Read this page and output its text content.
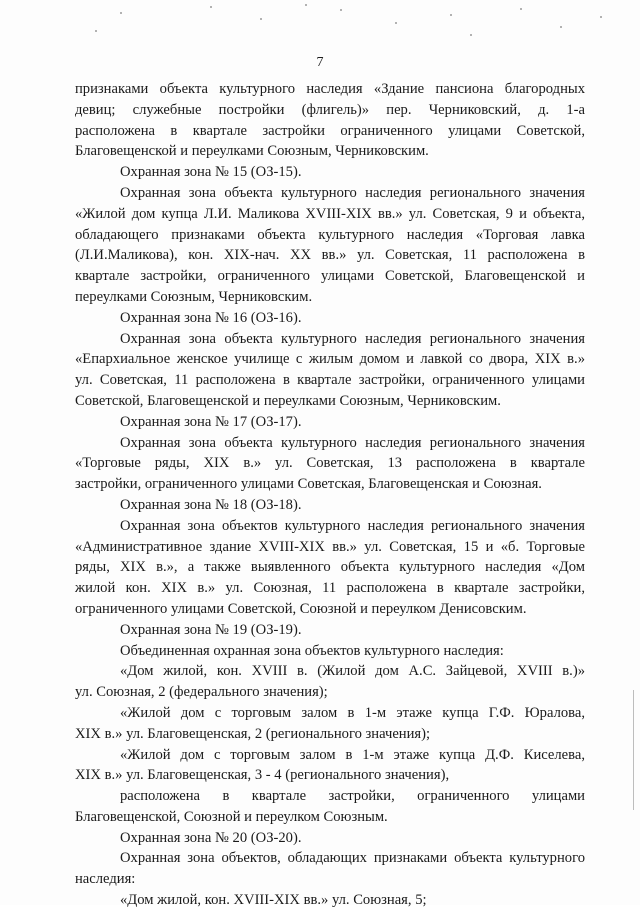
7
признаками объекта культурного наследия «Здание пансиона благородных
девиц; служебные постройки (флигель)» пер. Черниковский, д. 1-а
расположена в квартале застройки ограниченного улицами Советской,
Благовещенской и переулками Союзным, Черниковским.
Охранная зона № 15 (ОЗ-15).
Охранная зона объекта культурного наследия регионального значения
«Жилой дом купца Л.И. Маликова XVIII-XIX вв.» ул. Советская, 9 и объекта,
обладающего признаками объекта культурного наследия «Торговая лавка
(Л.И.Маликова), кон. XIX-нач. XX вв.» ул. Советская, 11 расположена в
квартале застройки, ограниченного улицами Советской, Благовещенской и
переулками Союзным, Черниковским.
Охранная зона № 16 (ОЗ-16).
Охранная зона объекта культурного наследия регионального значения
«Епархиальное женское училище с жилым домом и лавкой со двора, XIX в.»
ул. Советская, 11 расположена в квартале застройки, ограниченного улицами
Советской, Благовещенской и переулками Союзным, Черниковским.
Охранная зона № 17 (ОЗ-17).
Охранная зона объекта культурного наследия регионального значения
«Торговые ряды, XIX в.» ул. Советская, 13 расположена в квартале
застройки, ограниченного улицами Советская, Благовещенская и Союзная.
Охранная зона № 18 (ОЗ-18).
Охранная зона объектов культурного наследия регионального значения
«Административное здание XVIII-XIX вв.» ул. Советская, 15 и «б. Торговые
ряды, XIX в.», а также выявленного объекта культурного наследия «Дом
жилой кон. XIX в.» ул. Союзная, 11 расположена в квартале застройки,
ограниченного улицами Советской, Союзной и переулком Денисовским.
Охранная зона № 19 (ОЗ-19).
Объединенная охранная зона объектов культурного наследия:
«Дом жилой, кон. XVIII в. (Жилой дом А.С. Зайцевой, XVIII в.)»
ул. Союзная, 2 (федерального значения);
«Жилой дом с торговым залом в 1-м этаже купца Г.Ф. Юралова,
XIX в.» ул. Благовещенская, 2 (регионального значения);
«Жилой дом с торговым залом в 1-м этаже купца Д.Ф. Киселева,
XIX в.» ул. Благовещенская, 3 - 4 (регионального значения),
расположена в квартале застройки, ограниченного улицами
Благовещенской, Союзной и переулком Союзным.
Охранная зона № 20 (ОЗ-20).
Охранная зона объектов, обладающих признаками объекта культурного
наследия:
«Дом жилой, кон. XVIII-XIX вв.» ул. Союзная, 5;
